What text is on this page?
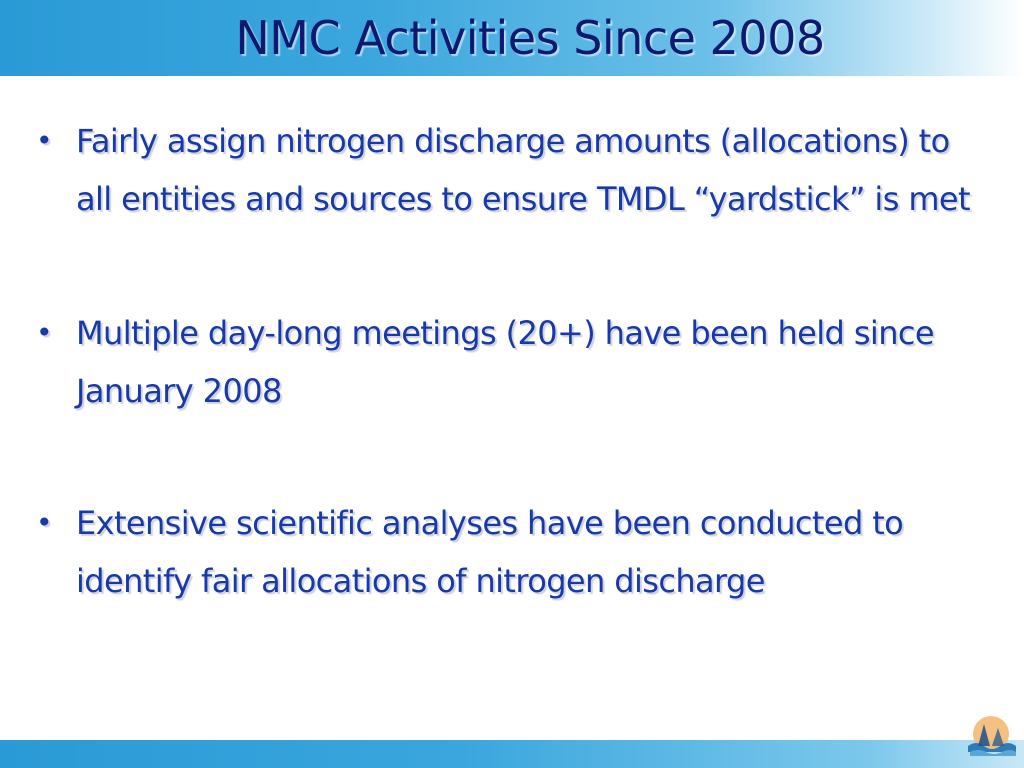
NMC Activities Since 2008
• Fairly assign nitrogen discharge amounts (allocations) to all entities and sources to ensure TMDL “yardstick” is met
• Multiple day-long meetings (20+) have been held since January 2008
• Extensive scientific analyses have been conducted to identify fair allocations of nitrogen discharge
